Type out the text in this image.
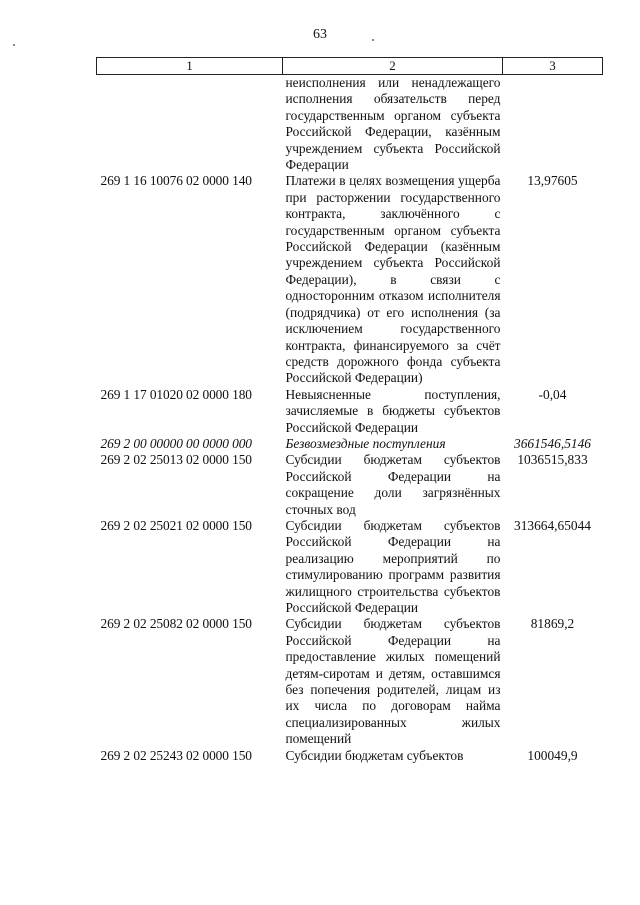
63
1	2	3
	неисполнения или ненадлежащего исполнения обязательств перед государственным органом субъекта Российской Федерации, казённым учреждением субъекта Российской Федерации	
269 1 16 10076 02 0000 140	Платежи в целях возмещения ущерба при расторжении государственного контракта, заключённого с государственным органом субъекта Российской Федерации (казённым учреждением субъекта Российской Федерации), в связи с односторонним отказом исполнителя (подрядчика) от его исполнения (за исключением государственного контракта, финансируемого за счёт средств дорожного фонда субъекта Российской Федерации)	13,97605
269 1 17 01020 02 0000 180	Невыясненные поступления, зачисляемые в бюджеты субъектов Российской Федерации	-0,04
269 2 00 00000 00 0000 000	Безвозмездные поступления	3661546,5146
269 2 02 25013 02 0000 150	Субсидии бюджетам субъектов Российской Федерации на сокращение доли загрязнённых сточных вод	1036515,833
269 2 02 25021 02 0000 150	Субсидии бюджетам субъектов Российской Федерации на реализацию мероприятий по стимулированию программ развития жилищного строительства субъектов Российской Федерации	313664,65044
269 2 02 25082 02 0000 150	Субсидии бюджетам субъектов Российской Федерации на предоставление жилых помещений детям-сиротам и детям, оставшимся без попечения родителей, лицам из их числа по договорам найма специализированных жилых помещений	81869,2
269 2 02 25243 02 0000 150	Субсидии бюджетам субъектов	100049,9
